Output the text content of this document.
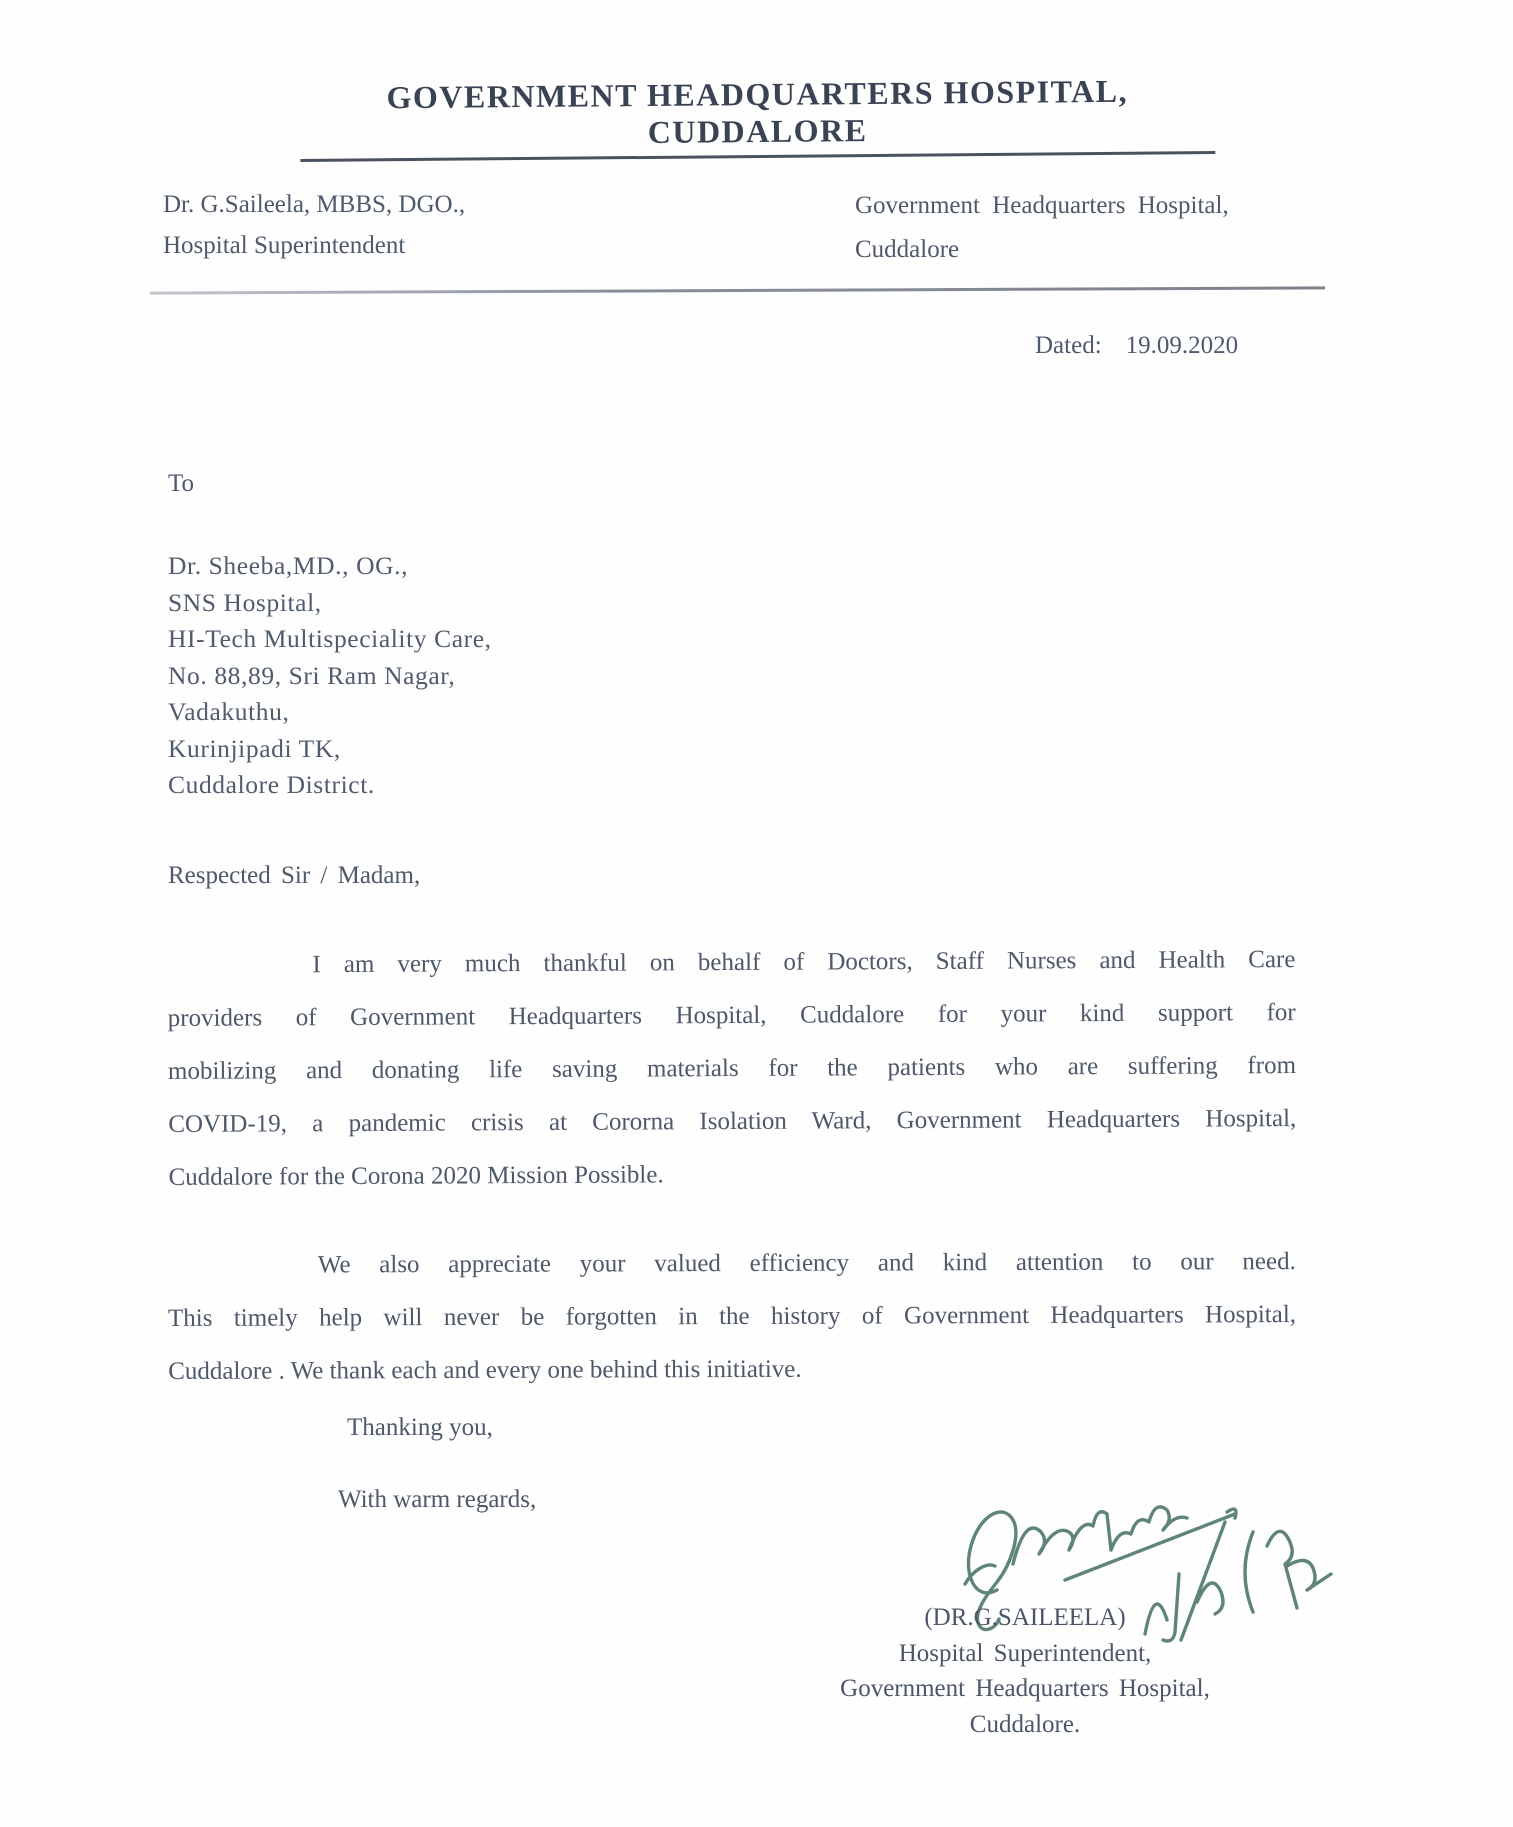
GOVERNMENT HEADQUARTERS HOSPITAL, CUDDALORE
Dr. G.Saileela, MBBS, DGO.,
Hospital Superintendent
Government Headquarters Hospital,
Cuddalore
Dated: 19.09.2020
To
Dr. Sheeba,MD., OG.,
SNS Hospital,
HI-Tech Multispeciality Care,
No. 88,89, Sri Ram Nagar,
Vadakuthu,
Kurinjipadi TK,
Cuddalore District.
Respected Sir / Madam,
I am very much thankful on behalf of Doctors, Staff Nurses and Health Care
providers of Government Headquarters Hospital, Cuddalore for your kind support for
mobilizing and donating life saving materials for the patients who are suffering from
COVID-19, a pandemic crisis at Cororna Isolation Ward, Government Headquarters Hospital,
Cuddalore for the Corona 2020 Mission Possible.
We also appreciate your valued efficiency and kind attention to our need.
This timely help will never be forgotten in the history of Government Headquarters Hospital,
Cuddalore . We thank each and every one behind this initiative.
Thanking you,
With warm regards,
(DR.G.SAILEELA)
Hospital Superintendent,
Government Headquarters Hospital,
Cuddalore.
